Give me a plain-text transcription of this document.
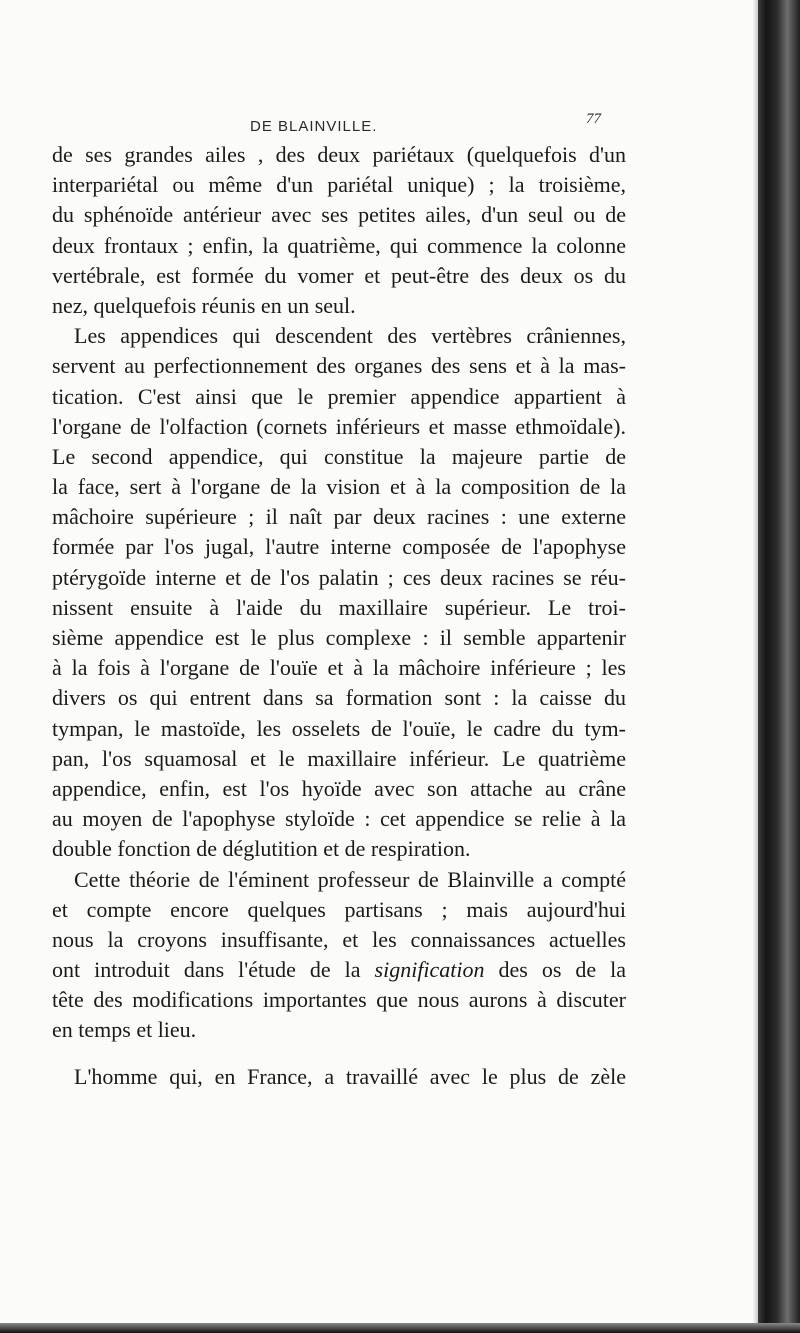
DE BLAINVILLE.	77
de ses grandes ailes , des deux pariétaux (quelquefois d'un
interpariétal ou même d'un pariétal unique) ; la troisième,
du sphénoïde antérieur avec ses petites ailes, d'un seul ou de
deux frontaux ; enfin, la quatrième, qui commence la colonne
vertébrale, est formée du vomer et peut-être des deux os du
nez, quelquefois réunis en un seul.
Les appendices qui descendent des vertèbres crâniennes,
servent au perfectionnement des organes des sens et à la mas-
tication. C'est ainsi que le premier appendice appartient à
l'organe de l'olfaction (cornets inférieurs et masse ethmoïdale).
Le second appendice, qui constitue la majeure partie de
la face, sert à l'organe de la vision et à la composition de la
mâchoire supérieure ; il naît par deux racines : une externe
formée par l'os jugal, l'autre interne composée de l'apophyse
ptérygoïde interne et de l'os palatin ; ces deux racines se réu-
nissent ensuite à l'aide du maxillaire supérieur. Le troi-
sième appendice est le plus complexe : il semble appartenir
à la fois à l'organe de l'ouïe et à la mâchoire inférieure ; les
divers os qui entrent dans sa formation sont : la caisse du
tympan, le mastoïde, les osselets de l'ouïe, le cadre du tym-
pan, l'os squamosal et le maxillaire inférieur. Le quatrième
appendice, enfin, est l'os hyoïde avec son attache au crâne
au moyen de l'apophyse styloïde : cet appendice se relie à la
double fonction de déglutition et de respiration.
Cette théorie de l'éminent professeur de Blainville a compté
et compte encore quelques partisans ; mais aujourd'hui
nous la croyons insuffisante, et les connaissances actuelles
ont introduit dans l'étude de la signification des os de la
tête des modifications importantes que nous aurons à discuter
en temps et lieu.
L'homme qui, en France, a travaillé avec le plus de zèle
